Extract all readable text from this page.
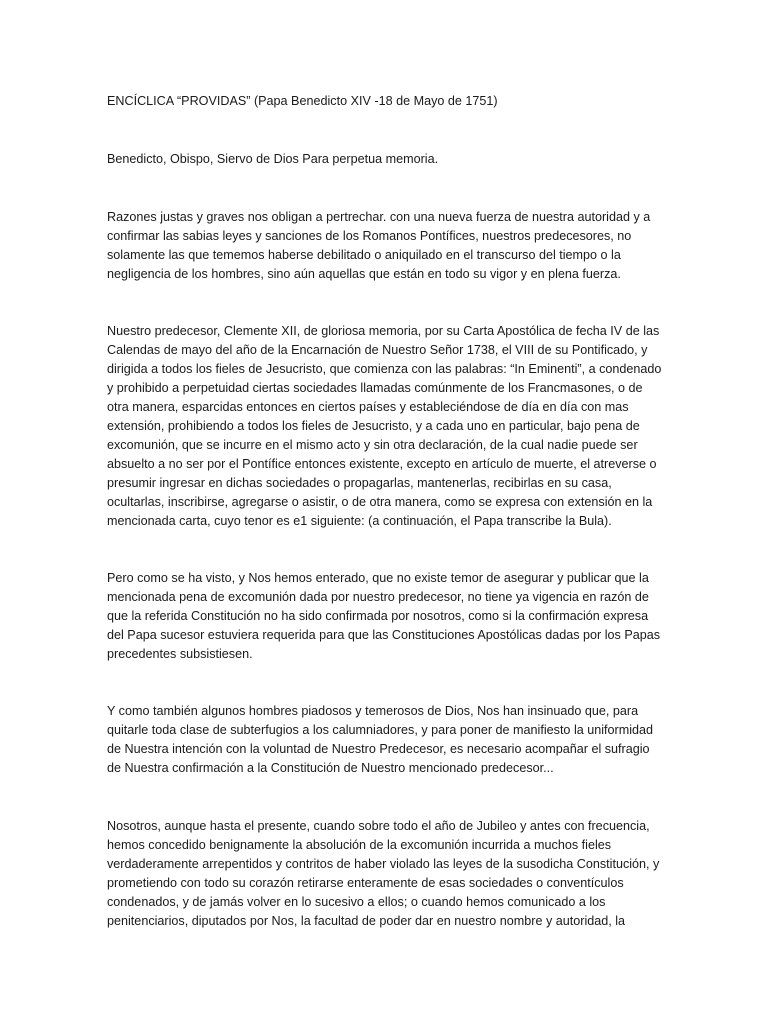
ENCÍCLICA “PROVIDAS” (Papa Benedicto XIV -18 de Mayo de 1751)
Benedicto, Obispo, Siervo de Dios Para perpetua memoria.
Razones justas y graves nos obligan a pertrechar. con una nueva fuerza de nuestra autoridad y a
confirmar las sabias leyes y sanciones de los Romanos Pontífices, nuestros predecesores, no
solamente las que tememos haberse debilitado o aniquilado en el transcurso del tiempo o la
negligencia de los hombres, sino aún aquellas que están en todo su vigor y en plena fuerza.
Nuestro predecesor, Clemente XII, de gloriosa memoria, por su Carta Apostólica de fecha IV de las
Calendas de mayo del año de la Encarnación de Nuestro Señor 1738, el VIII de su Pontificado, y
dirigida a todos los fieles de Jesucristo, que comienza con las palabras: “In Eminenti”, a condenado
y prohibido a perpetuidad ciertas sociedades llamadas comúnmente de los Francmasones, o de
otra manera, esparcidas entonces en ciertos países y estableciéndose de día en día con mas
extensión, prohibiendo a todos los fieles de Jesucristo, y a cada uno en particular, bajo pena de
excomunión, que se incurre en el mismo acto y sin otra declaración, de la cual nadie puede ser
absuelto a no ser por el Pontífice entonces existente, excepto en artículo de muerte, el atreverse o
presumir ingresar en dichas sociedades o propagarlas, mantenerlas, recibirlas en su casa,
ocultarlas, inscribirse, agregarse o asistir, o de otra manera, como se expresa con extensión en la
mencionada carta, cuyo tenor es e1 siguiente: (a continuación, el Papa transcribe la Bula).
Pero como se ha visto, y Nos hemos enterado, que no existe temor de asegurar y publicar que la
mencionada pena de excomunión dada por nuestro predecesor, no tiene ya vigencia en razón de
que la referida Constitución no ha sido confirmada por nosotros, como si la confirmación expresa
del Papa sucesor estuviera requerida para que las Constituciones Apostólicas dadas por los Papas
precedentes subsistiesen.
Y como también algunos hombres piadosos y temerosos de Dios, Nos han insinuado que, para
quitarle toda clase de subterfugios a los calumniadores, y para poner de manifiesto la uniformidad
de Nuestra intención con la voluntad de Nuestro Predecesor, es necesario acompañar el sufragio
de Nuestra confirmación a la Constitución de Nuestro mencionado predecesor...
Nosotros, aunque hasta el presente, cuando sobre todo el año de Jubileo y antes con frecuencia,
hemos concedido benignamente la absolución de la excomunión incurrida a muchos fieles
verdaderamente arrepentidos y contritos de haber violado las leyes de la susodicha Constitución, y
prometiendo con todo su corazón retirarse enteramente de esas sociedades o conventículos
condenados, y de jamás volver en lo sucesivo a ellos; o cuando hemos comunicado a los
penitenciarios, diputados por Nos, la facultad de poder dar en nuestro nombre y autoridad, la
